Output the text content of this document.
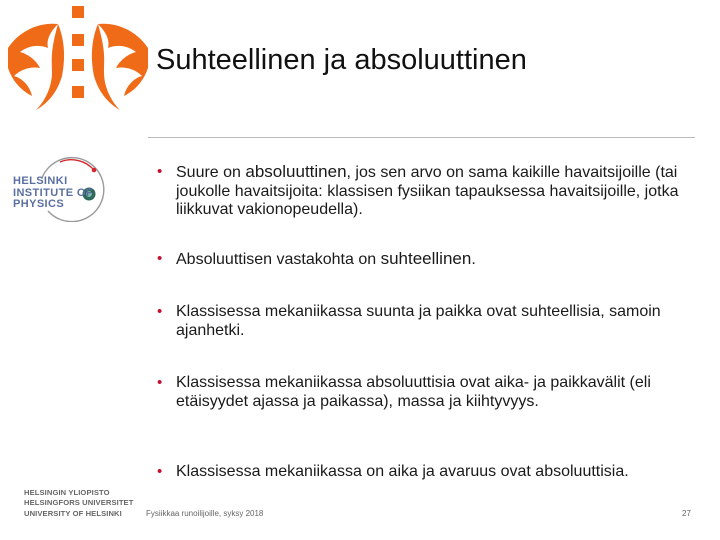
Suhteellinen ja absoluuttinen
HELSINKI
INSTITUTE OF
PHYSICS
HELSINGIN YLIOPISTO
HELSINGFORS UNIVERSITET
UNIVERSITY OF HELSINKI
• Suure on absoluuttinen, jos sen arvo on sama kaikille havaitsijoille (tai joukolle havaitsijoita: klassisen fysiikan tapauksessa havaitsijoille, jotka liikkuvat vakionopeudella).
• Absoluuttisen vastakohta on suhteellinen.
• Klassisessa mekaniikassa suunta ja paikka ovat suhteellisia, samoin ajanhetki.
• Klassisessa mekaniikassa absoluuttisia ovat aika- ja paikkavälit (eli etäisyydet ajassa ja paikassa), massa ja kiihtyvyys.
• Klassisessa mekaniikassa on aika ja avaruus ovat absoluuttisia.
Fysiikkaa runoilijoille, syksy 2018	27
